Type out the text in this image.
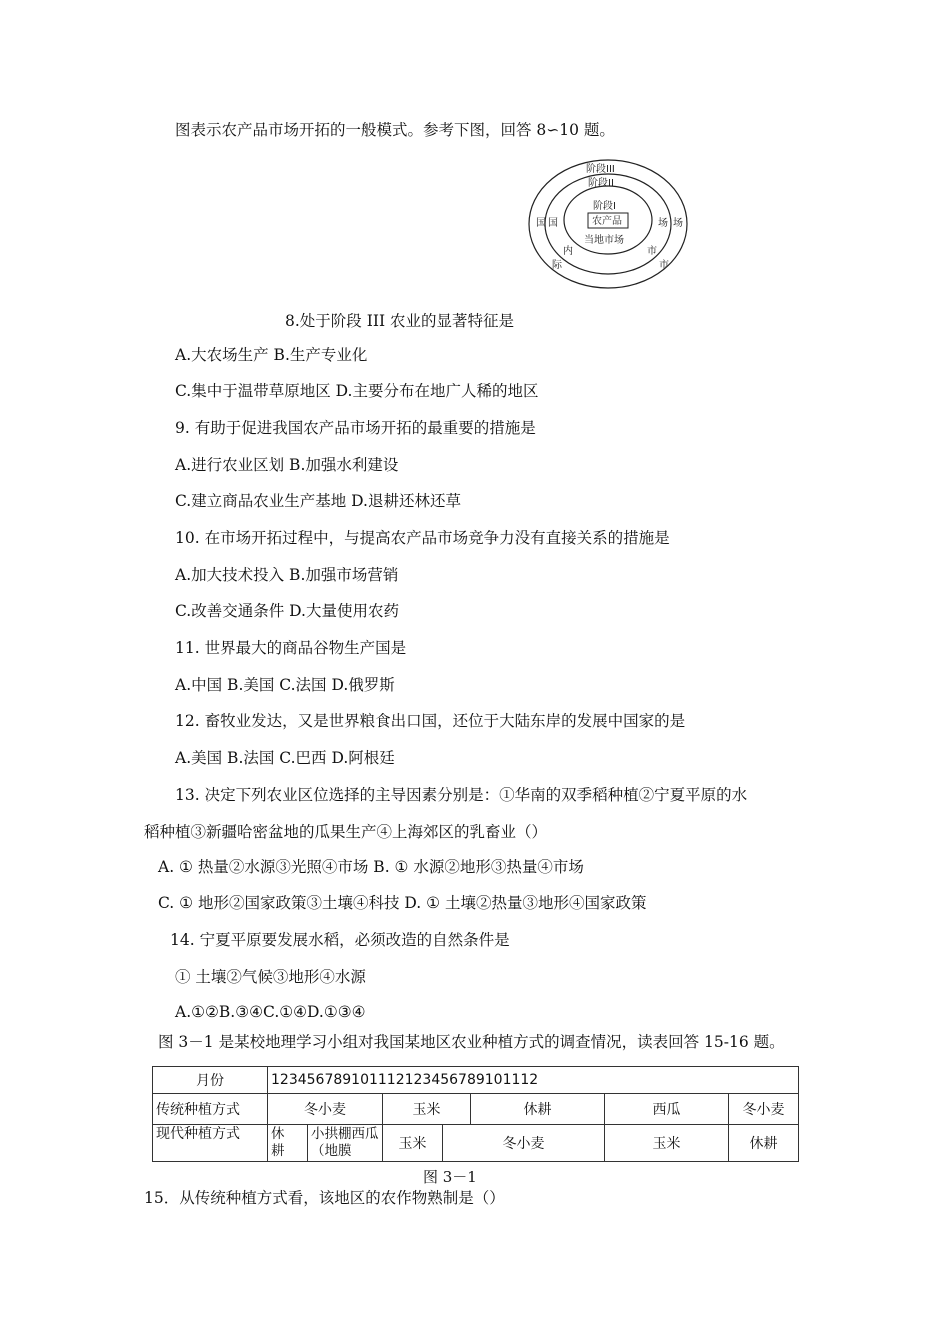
图表示农产品市场开拓的一般模式。参考下图，回答 8∽10 题。
阶段III
阶段II
阶段I
农产品
当地市场
国 国	场 场
内	市
际	市
8.处于阶段 III 农业的显著特征是
A.大农场生产 B.生产专业化
C.集中于温带草原地区 D.主要分布在地广人稀的地区
9. 有助于促进我国农产品市场开拓的最重要的措施是
A.进行农业区划 B.加强水利建设
C.建立商品农业生产基地 D.退耕还林还草
10. 在市场开拓过程中，与提高农产品市场竞争力没有直接关系的措施是
A.加大技术投入 B.加强市场营销
C.改善交通条件 D.大量使用农药
11. 世界最大的商品谷物生产国是
A.中国 B.美国 C.法国 D.俄罗斯
12. 畜牧业发达，又是世界粮食出口国，还位于大陆东岸的发展中国家的是
A.美国 B.法国 C.巴西 D.阿根廷
13. 决定下列农业区位选择的主导因素分别是：①华南的双季稻种植②宁夏平原的水
稻种植③新疆哈密盆地的瓜果生产④上海郊区的乳畜业（）
A. ① 热量②水源③光照④市场 B. ① 水源②地形③热量④市场
C. ① 地形②国家政策③土壤④科技 D. ① 土壤②热量③地形④国家政策
14. 宁夏平原要发展水稻，必须改造的自然条件是
① 土壤②气候③地形④水源
A.①②B.③④C.①④D.①③④
图 3－1 是某校地理学习小组对我国某地区农业种植方式的调查情况，读表回答 15-16 题。
月份	123456789101112123456789101112						

传统种植方式	冬小麦		玉米		休耕	西瓜	冬小麦

现代种植方式	休耕	小拱棚西瓜（地膜	玉米	冬小麦		玉米	休耕
图 3－1
15．从传统种植方式看，该地区的农作物熟制是（）
